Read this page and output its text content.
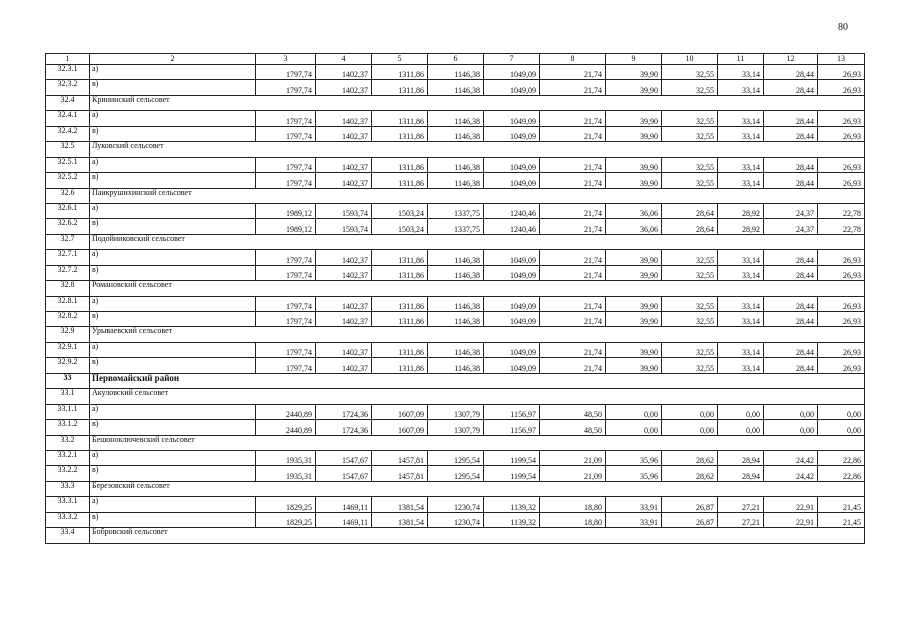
80
1	2	3	4	5	6	7	8	9	10	11	12	13
32.3.1	а)	1797,74	1402,37	1311,86	1146,38	1049,09	21,74	39,90	32,55	33,14	28,44	26,93
32.3.2	в)	1797,74	1402,37	1311,86	1146,38	1049,09	21,74	39,90	32,55	33,14	28,44	26,93
32.4	Крииинский сельсовет											
32.4.1	а)	1797,74	1402,37	1311,86	1146,38	1049,09	21,74	39,90	32,55	33,14	28,44	26,93
32.4.2	в)	1797,74	1402,37	1311,86	1146,38	1049,09	21,74	39,90	32,55	33,14	28,44	26,93
32.5	Луковский сельсовет											
32.5.1	а)	1797,74	1402,37	1311,86	1146,38	1049,09	21,74	39,90	32,55	33,14	28,44	26,93
32.5.2	в)	1797,74	1402,37	1311,86	1146,38	1049,09	21,74	39,90	32,55	33,14	28,44	26,93
32.6	Паикрушихинский сельсовет											
32.6.1	а)	1989,12	1593,74	1503,24	1337,75	1240,46	21,74	36,06	28,64	28,92	24,37	22,78
32.6.2	в)	1989,12	1593,74	1503,24	1337,75	1240,46	21,74	36,06	28,64	28,92	24,37	22,78
32.7	Подойииковский сельсовет											
32.7.1	а)	1797,74	1402,37	1311,86	1146,38	1049,09	21,74	39,90	32,55	33,14	28,44	26,93
32.7.2	в)	1797,74	1402,37	1311,86	1146,38	1049,09	21,74	39,90	32,55	33,14	28,44	26,93
32.8	Романовский сельсовет											
32.8.1	а)	1797,74	1402,37	1311,86	1146,38	1049,09	21,74	39,90	32,55	33,14	28,44	26,93
32.8.2	в)	1797,74	1402,37	1311,86	1146,38	1049,09	21,74	39,90	32,55	33,14	28,44	26,93
32.9	Урывaевский сельсовет											
32.9.1	а)	1797,74	1402,37	1311,86	1146,38	1049,09	21,74	39,90	32,55	33,14	28,44	26,93
32.9.2	в)	1797,74	1402,37	1311,86	1146,38	1049,09	21,74	39,90	32,55	33,14	28,44	26,93
33	Первомайский район											
33.1	Акуловский сельсовет											
33.1.1	а)	2440,89	1724,36	1607,09	1307,79	1156,97	48,50	0,00	0,00	0,00	0,00	0,00
33.1.2	в)	2440,89	1724,36	1607,09	1307,79	1156,97	48,50	0,00	0,00	0,00	0,00	0,00
33.2	Бешоноключевский сельсовет											
33.2.1	а)	1935,31	1547,67	1457,81	1295,54	1199,54	21,09	35,96	28,62	28,94	24,42	22,86
33.2.2	в)	1935,31	1547,67	1457,81	1295,54	1199,54	21,09	35,96	28,62	28,94	24,42	22,86
33.3	Березовский сельсовет											
33.3.1	а)	1829,25	1469,11	1381,54	1230,74	1139,32	18,80	33,91	26,87	27,21	22,91	21,45
33.3.2	в)	1829,25	1469,11	1381,54	1230,74	1139,32	18,80	33,91	26,87	27,21	22,91	21,45
33.4	Бобровский сельсовет											
